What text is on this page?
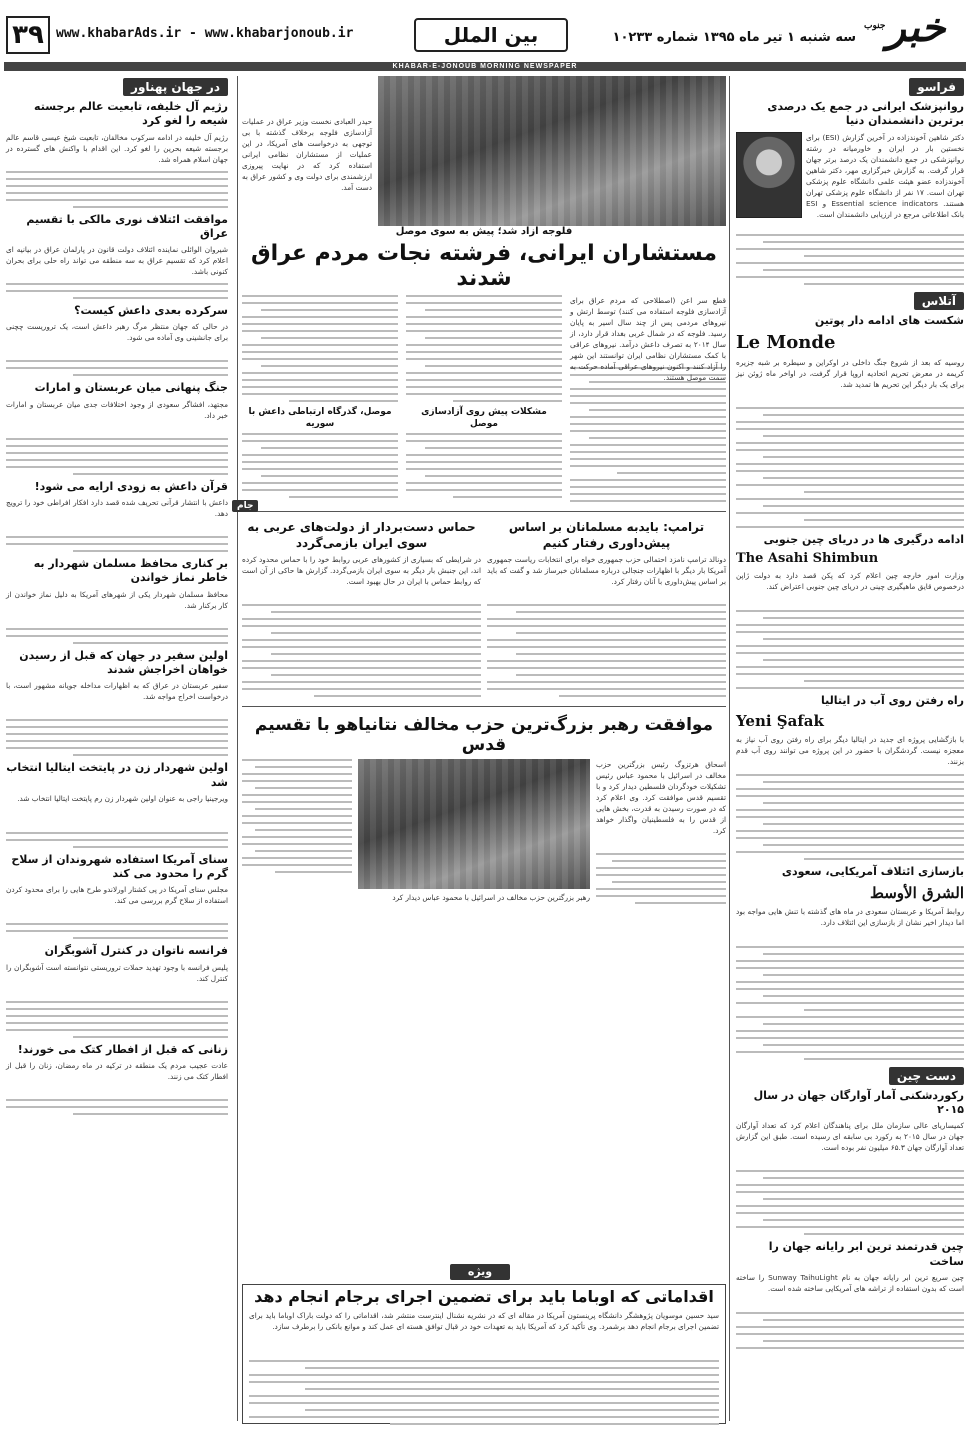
خبر
جنوب
سه شنبه ۱ تیر ماه ۱۳۹۵ شماره ۱۰۲۳۳
بین الملل
www.khabarAds.ir - www.khabarjonoub.ir
۳۹
KHABAR-E-JONOUB MORNING NEWSPAPER
فراسو
روانپزشک ایرانی در جمع یک درصدی برترین دانشمندان دنیا
دکتر شاهین آخوندزاده در آخرین گزارش (ESI) برای نخستین بار در ایران و خاورمیانه در رشته روانپزشکی در جمع دانشمندان یک درصد برتر جهان قرار گرفت. به گزارش خبرگزاری مهر، دکتر شاهین آخوندزاده عضو هیئت علمی دانشگاه علوم پزشکی تهران است. ۱۷ نفر از دانشگاه علوم پزشکی تهران هستند. Essential science indicators و ESI بانک اطلاعاتی مرجع در ارزیابی دانشمندان است.
آتلاس
شکست های ادامه دار پوتین
Le Monde
روسیه که بعد از شروع جنگ داخلی در اوکراین و سیطره بر شبه جزیره کریمه در معرض تحریم اتحادیه اروپا قرار گرفت، در اواخر ماه ژوئن نیز برای یک بار دیگر این تحریم ها تمدید شد.
ادامه درگیری ها در دریای چین جنوبی
The Asahi Shimbun
وزارت امور خارجه چین اعلام کرد که پکن قصد دارد به دولت ژاپن درخصوص قایق ماهیگیری چینی در دریای چین جنوبی اعتراض کند.
راه رفتن روی آب در ایتالیا
Yeni Şafak
با بازگشایی پروژه ای جدید در ایتالیا دیگر برای راه رفتن روی آب نیاز به معجزه نیست. گردشگران با حضور در این پروژه می توانند روی آب قدم بزنند.
بازسازی ائتلاف آمریکایی، سعودی
الشرق الأوسط
روابط آمریکا و عربستان سعودی در ماه های گذشته با تنش هایی مواجه بود اما دیدار اخیر نشان از بازسازی این ائتلاف دارد.
دست چین
رکوردشکنی آمار آوارگان جهان در سال ۲۰۱۵
کمیساریای عالی سازمان ملل برای پناهندگان اعلام کرد که تعداد آوارگان جهان در سال ۲۰۱۵ به رکورد بی سابقه ای رسیده است. طبق این گزارش تعداد آوارگان جهان ۶۵.۳ میلیون نفر بوده است.
چین قدرتمند ترین ابر رایانه جهان را ساخت
چین سریع ترین ابر رایانه جهان به نام Sunway TaihuLight را ساخته است که بدون استفاده از تراشه های آمریکایی ساخته شده است.
حیدر العبادی نخست وزیر عراق در عملیات آزادسازی فلوجه برخلاف گذشته با بی توجهی به درخواست های آمریکا، در این عملیات از مستشاران نظامی ایرانی استفاده کرد که در نهایت پیروزی ارزشمندی برای دولت وی و کشور عراق به دست آمد.
فلوجه آزاد شد؛ پیش به سوی موصل
مستشاران ایرانی، فرشته نجات مردم عراق شدند
قطع سر اعن (اصطلاحی که مردم عراق برای آزادسازی فلوجه استفاده می کنند) توسط ارتش و نیروهای مردمی پس از چند سال اسیر به پایان رسید. فلوجه که در شمال غربی بغداد قرار دارد، از سال ۲۰۱۴ به تصرف داعش درآمد. نیروهای عراقی با کمک مستشاران نظامی ایران توانستند این شهر را آزاد کنند و اکنون نیروهای عراقی آماده حرکت به سمت موصل هستند.
مشکلات پیش روی آزادسازی موصل
موصل، گذرگاه ارتباطی داعش با سوریه
ترامپ: بایدبه مسلمانان بر اساس پیش‌داوری رفتار کنیم
دونالد ترامپ نامزد احتمالی حزب جمهوری خواه برای انتخابات ریاست جمهوری آمریکا بار دیگر با اظهارات جنجالی درباره مسلمانان خبرساز شد و گفت که باید بر اساس پیش‌داوری با آنان رفتار کرد.
جام
حماس دست‌بردار از دولت‌های عربی به سوی ایران بازمی‌گردد
در شرایطی که بسیاری از کشورهای عربی روابط خود را با حماس محدود کرده اند، این جنبش بار دیگر به سوی ایران بازمی‌گردد. گزارش ها حاکی از آن است که روابط حماس با ایران در حال بهبود است.
موافقت رهبر بزرگ‌ترین حزب مخالف نتانیاهو با تقسیم قدس
اسحاق هرتزوگ رئیس بزرگترین حزب مخالف در اسرائیل با محمود عباس رئیس تشکیلات خودگردان فلسطین دیدار کرد و با تقسیم قدس موافقت کرد. وی اعلام کرد که در صورت رسیدن به قدرت، بخش هایی از قدس را به فلسطینیان واگذار خواهد کرد.
رهبر بزرگترین حزب مخالف در اسرائیل با محمود عباس دیدار کرد
ویژه
اقداماتی که اوباما باید برای تضمین اجرای برجام انجام دهد
سید حسین موسویان پژوهشگر دانشگاه پرینستون آمریکا در مقاله ای که در نشریه نشنال اینترست منتشر شد، اقداماتی را که دولت باراک اوباما باید برای تضمین اجرای برجام انجام دهد برشمرد. وی تأکید کرد که آمریکا باید به تعهدات خود در قبال توافق هسته ای عمل کند و موانع بانکی را برطرف سازد.
در جهان پهناور
رژیم آل خلیفه، تابعیت عالم برجسته شیعه را لغو کرد
رژیم آل خلیفه در ادامه سرکوب مخالفان، تابعیت شیخ عیسی قاسم عالم برجسته شیعه بحرین را لغو کرد. این اقدام با واکنش های گسترده در جهان اسلام همراه شد.
موافقت ائتلاف نوری مالکی با تقسیم عراق
شیروان الوائلی نماینده ائتلاف دولت قانون در پارلمان عراق در بیانیه ای اعلام کرد که تقسیم عراق به سه منطقه می تواند راه حلی برای بحران کنونی باشد.
سرکرده بعدی داعش کیست؟
در حالی که جهان منتظر مرگ رهبر داعش است، یک تروریست چچنی برای جانشینی وی آماده می شود.
جنگ پنهانی میان عربستان و امارات
مجتهد، افشاگر سعودی از وجود اختلافات جدی میان عربستان و امارات خبر داد.
قرآن داعش به زودی ارایه می شود!
داعش با انتشار قرآنی تحریف شده قصد دارد افکار افراطی خود را ترویج دهد.
بر کناری محافظ مسلمان شهردار به خاطر نماز خواندن
محافظ مسلمان شهردار یکی از شهرهای آمریکا به دلیل نماز خواندن از کار برکنار شد.
اولین سفیر در جهان که قبل از رسیدن خواهان اخراجش شدند
سفیر عربستان در عراق که به اظهارات مداخله جویانه مشهور است، با درخواست اخراج مواجه شد.
اولین شهردار زن در پایتخت ایتالیا انتخاب شد
ویرجینیا راجی به عنوان اولین شهردار زن رم پایتخت ایتالیا انتخاب شد.
سنای آمریکا استفاده شهروندان از سلاح گرم را محدود می کند
مجلس سنای آمریکا در پی کشتار اورلاندو طرح هایی را برای محدود کردن استفاده از سلاح گرم بررسی می کند.
فرانسه ناتوان در کنترل آشوبگران
پلیس فرانسه با وجود تهدید حملات تروریستی نتوانسته است آشوبگران را کنترل کند.
زنانی که قبل از افطار کتک می خورند!
عادت عجیب مردم یک منطقه در ترکیه در ماه رمضان، زنان را قبل از افطار کتک می زنند.
